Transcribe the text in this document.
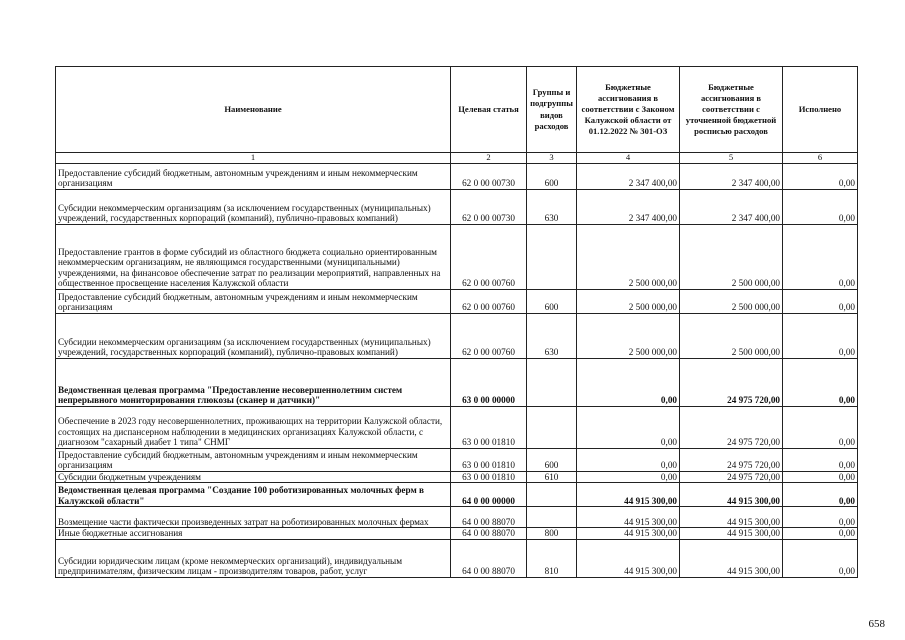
Наименование	Целевая статья	Группы и подгруппы видов расходов	Бюджетные ассигнования в соответствии с Законом Калужской области от 01.12.2022 № 301-ОЗ	Бюджетные ассигнования в соответствии с уточненной бюджетной росписью расходов	Исполнено
1	2	3	4	5	6
Предоставление субсидий бюджетным, автономным учреждениям и иным некоммерческим организациям	62 0 00 00730	600	2 347 400,00	2 347 400,00	0,00
Субсидии некоммерческим организациям (за исключением государственных (муниципальных) учреждений, государственных корпораций (компаний), публично-правовых компаний)	62 0 00 00730	630	2 347 400,00	2 347 400,00	0,00
Предоставление грантов в форме субсидий из областного бюджета социально ориентированным некоммерческим организациям, не являющимся государственными (муниципальными) учреждениями, на финансовое обеспечение затрат по реализации мероприятий, направленных на общественное просвещение населения Калужской области	62 0 00 00760		2 500 000,00	2 500 000,00	0,00
Предоставление субсидий бюджетным, автономным учреждениям и иным некоммерческим организациям	62 0 00 00760	600	2 500 000,00	2 500 000,00	0,00
Субсидии некоммерческим организациям (за исключением государственных (муниципальных) учреждений, государственных корпораций (компаний), публично-правовых компаний)	62 0 00 00760	630	2 500 000,00	2 500 000,00	0,00
Ведомственная целевая программа "Предоставление несовершеннолетним систем непрерывного мониторирования глюкозы (сканер и датчики)"	63 0 00 00000		0,00	24 975 720,00	0,00
Обеспечение в 2023 году несовершеннолетних, проживающих на территории Калужской области, состоящих на диспансерном наблюдении в медицинских организациях Калужской области, с диагнозом "сахарный диабет 1 типа" СНМГ	63 0 00 01810		0,00	24 975 720,00	0,00
Предоставление субсидий бюджетным, автономным учреждениям и иным некоммерческим организациям	63 0 00 01810	600	0,00	24 975 720,00	0,00
Субсидии бюджетным учреждениям	63 0 00 01810	610	0,00	24 975 720,00	0,00
Ведомственная целевая программа "Создание 100 роботизированных молочных ферм в Калужской области"	64 0 00 00000		44 915 300,00	44 915 300,00	0,00
Возмещение части фактически произведенных затрат на роботизированных молочных фермах	64 0 00 88070		44 915 300,00	44 915 300,00	0,00
Иные бюджетные ассигнования	64 0 00 88070	800	44 915 300,00	44 915 300,00	0,00
Субсидии юридическим лицам (кроме некоммерческих организаций), индивидуальным предпринимателям, физическим лицам - производителям товаров, работ, услуг	64 0 00 88070	810	44 915 300,00	44 915 300,00	0,00
658
